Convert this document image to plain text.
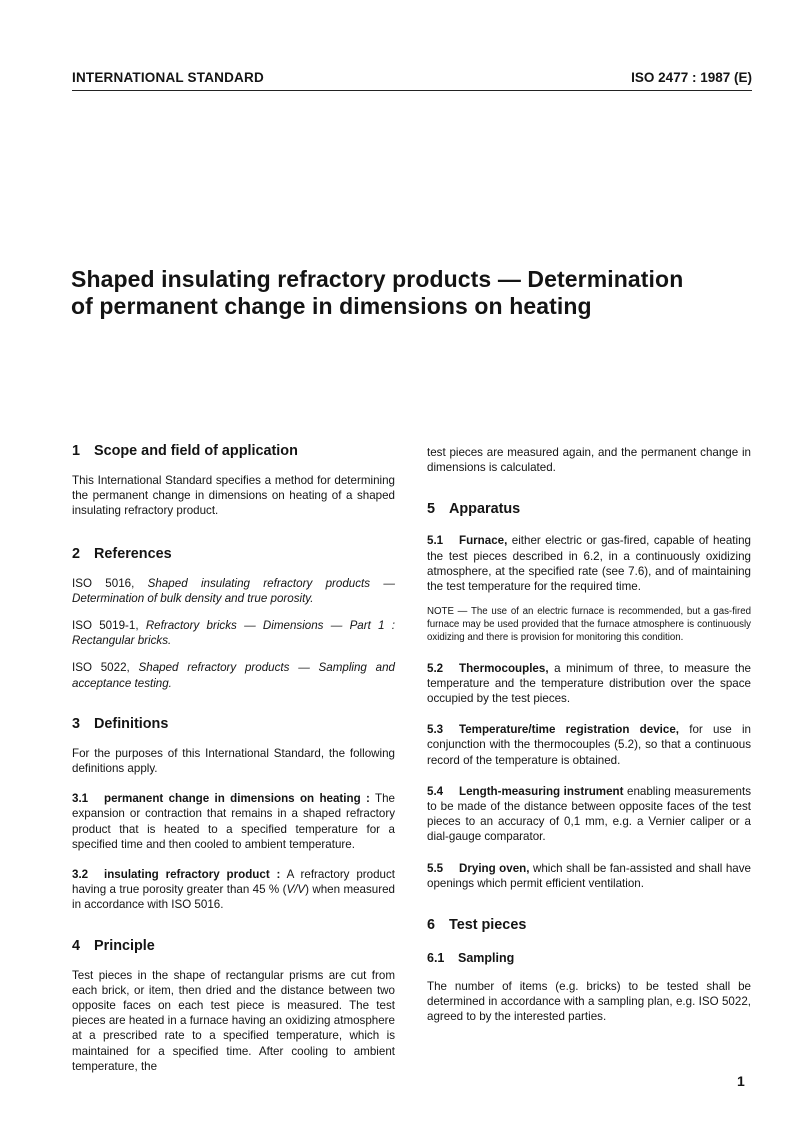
INTERNATIONAL STANDARD	ISO 2477 : 1987 (E)
Shaped insulating refractory products — Determination
of permanent change in dimensions on heating
1 Scope and field of application

This International Standard specifies a method for determining the permanent change in dimensions on heating of a shaped insulating refractory product.

2 References

ISO 5016, Shaped insulating refractory products — Determination of bulk density and true porosity.

ISO 5019-1, Refractory bricks — Dimensions — Part 1 : Rectangular bricks.

ISO 5022, Shaped refractory products — Sampling and acceptance testing.

3 Definitions

For the purposes of this International Standard, the following definitions apply.

3.1 permanent change in dimensions on heating : The expansion or contraction that remains in a shaped refractory product that is heated to a specified temperature for a specified time and then cooled to ambient temperature.

3.2 insulating refractory product : A refractory product having a true porosity greater than 45 % (V/V) when measured in accordance with ISO 5016.

4 Principle

Test pieces in the shape of rectangular prisms are cut from each brick, or item, then dried and the distance between two opposite faces on each test piece is measured. The test pieces are heated in a furnace having an oxidizing atmosphere at a prescribed rate to a specified temperature, which is maintained for a specified time. After cooling to ambient temperature, the

test pieces are measured again, and the permanent change in dimensions is calculated.

5 Apparatus

5.1 Furnace, either electric or gas-fired, capable of heating the test pieces described in 6.2, in a continuously oxidizing atmosphere, at the specified rate (see 7.6), and of maintaining the test temperature for the required time.

NOTE — The use of an electric furnace is recommended, but a gas-fired furnace may be used provided that the furnace atmosphere is continuously oxidizing and there is provision for monitoring this condition.

5.2 Thermocouples, a minimum of three, to measure the temperature and the temperature distribution over the space occupied by the test pieces.

5.3 Temperature/time registration device, for use in conjunction with the thermocouples (5.2), so that a continuous record of the temperature is obtained.

5.4 Length-measuring instrument enabling measurements to be made of the distance between opposite faces of the test pieces to an accuracy of 0,1 mm, e.g. a Vernier caliper or a dial-gauge comparator.

5.5 Drying oven, which shall be fan-assisted and shall have openings which permit efficient ventilation.

6 Test pieces
6.1 Sampling

The number of items (e.g. bricks) to be tested shall be determined in accordance with a sampling plan, e.g. ISO 5022, agreed to by the interested parties.

1
